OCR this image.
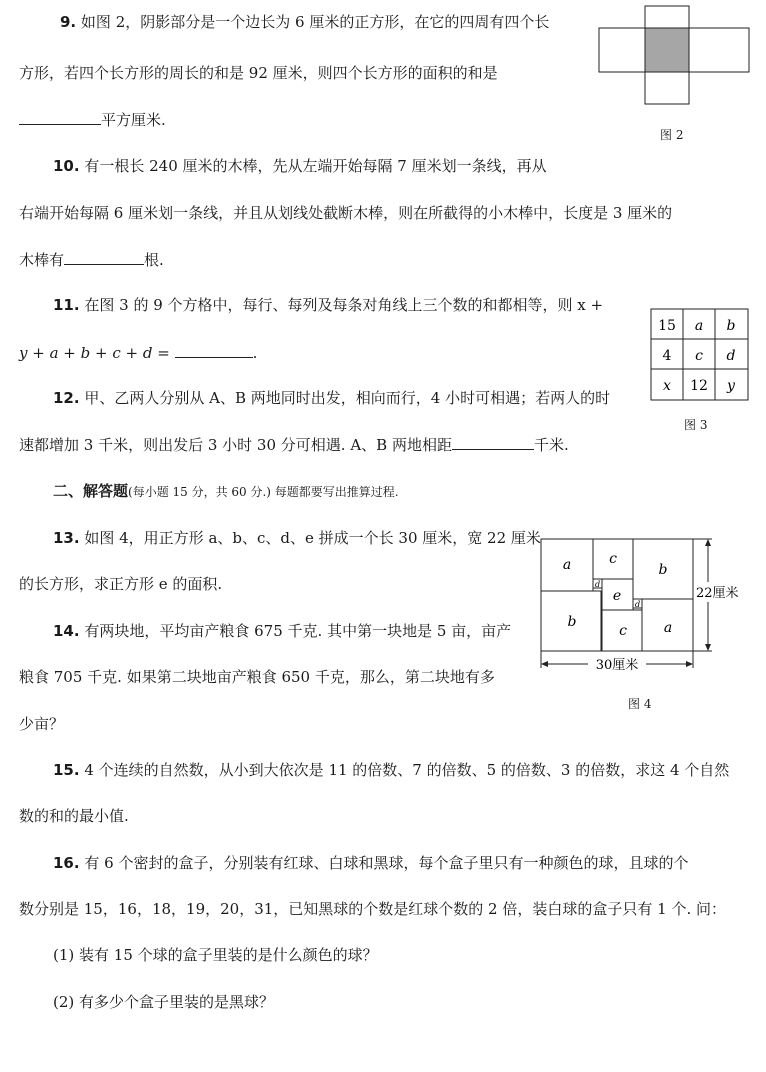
9. 如图 2，阴影部分是一个边长为 6 厘米的正方形，在它的四周有四个长
方形，若四个长方形的周长的和是 92 厘米，则四个长方形的面积的和是
平方厘米.
图 2
10. 有一根长 240 厘米的木棒，先从左端开始每隔 7 厘米划一条线，再从
右端开始每隔 6 厘米划一条线，并且从划线处截断木棒，则在所截得的小木棒中，长度是 3 厘米的
木棒有	根.
11. 在图 3 的 9 个方格中，每行、每列及每条对角线上三个数的和都相等，则 x +
y + a + b + c + d =	.
15 a b
4 c d
x 12 y
图 3
12. 甲、乙两人分别从 A、B 两地同时出发，相向而行，4 小时可相遇；若两人的时
速都增加 3 千米，则出发后 3 小时 30 分可相遇. A、B 两地相距	千米.
二、解答题(每小题 15 分，共 60 分.) 每题都要写出推算过程.
13. 如图 4，用正方形 a、b、c、d、e 拼成一个长 30 厘米，宽 22 厘米
的长方形，求正方形 e 的面积.
a	c
b
d
e
d
b
c	a
22厘米
30厘米
图 4
14. 有两块地，平均亩产粮食 675 千克. 其中第一块地是 5 亩，亩产
粮食 705 千克. 如果第二块地亩产粮食 650 千克，那么，第二块地有多
少亩？
15. 4 个连续的自然数，从小到大依次是 11 的倍数、7 的倍数、5 的倍数、3 的倍数，求这 4 个自然
数的和的最小值.
16. 有 6 个密封的盒子，分别装有红球、白球和黑球，每个盒子里只有一种颜色的球，且球的个
数分别是 15，16，18，19，20，31，已知黑球的个数是红球个数的 2 倍，装白球的盒子只有 1 个. 问：
(1) 装有 15 个球的盒子里装的是什么颜色的球？
(2) 有多少个盒子里装的是黑球？
